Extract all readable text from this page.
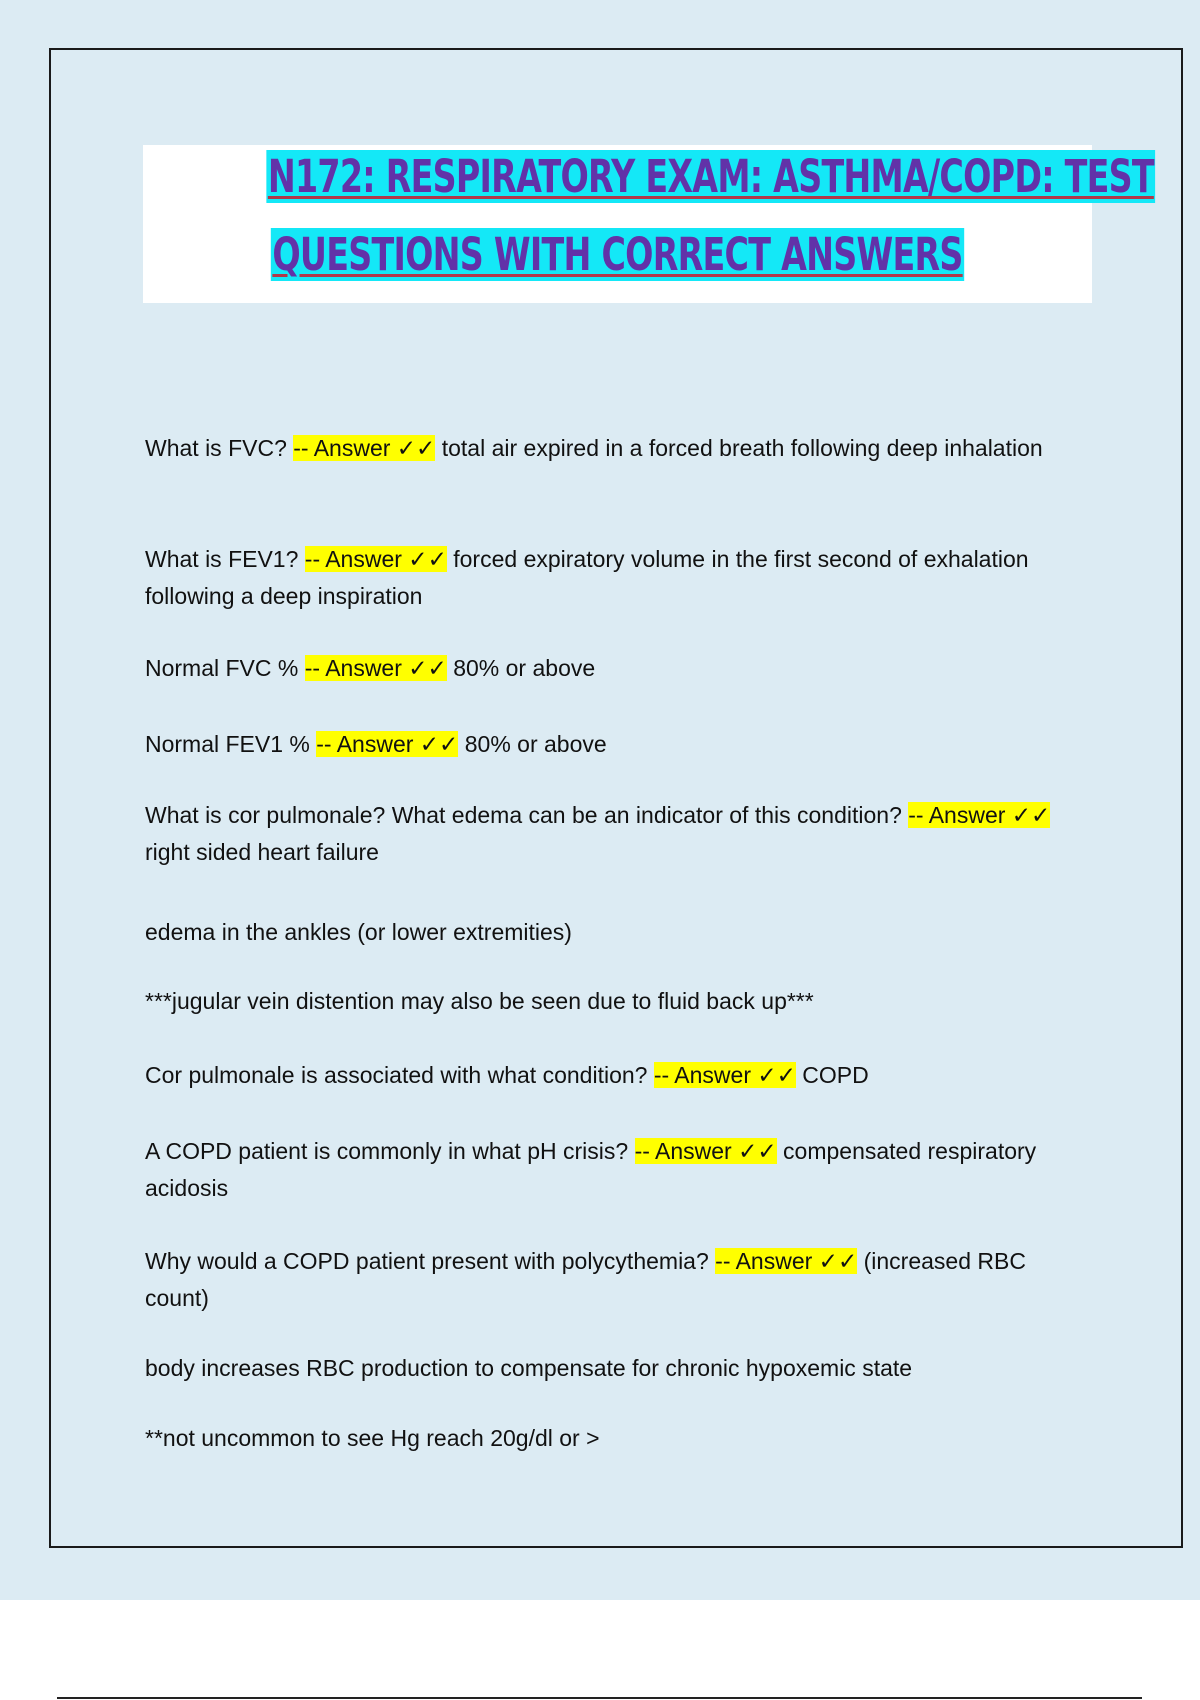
N172: RESPIRATORY EXAM: ASTHMA/COPD: TEST
QUESTIONS WITH CORRECT ANSWERS
What is FVC? -- Answer ✓✓ total air expired in a forced breath following deep inhalation
What is FEV1? -- Answer ✓✓ forced expiratory volume in the first second of exhalation following a deep inspiration
Normal FVC % -- Answer ✓✓ 80% or above
Normal FEV1 % -- Answer ✓✓ 80% or above
What is cor pulmonale? What edema can be an indicator of this condition? -- Answer ✓✓ right sided heart failure
edema in the ankles (or lower extremities)
***jugular vein distention may also be seen due to fluid back up***
Cor pulmonale is associated with what condition? -- Answer ✓✓ COPD
A COPD patient is commonly in what pH crisis? -- Answer ✓✓ compensated respiratory acidosis
Why would a COPD patient present with polycythemia? -- Answer ✓✓ (increased RBC count)
body increases RBC production to compensate for chronic hypoxemic state
**not uncommon to see Hg reach 20g/dl or >
